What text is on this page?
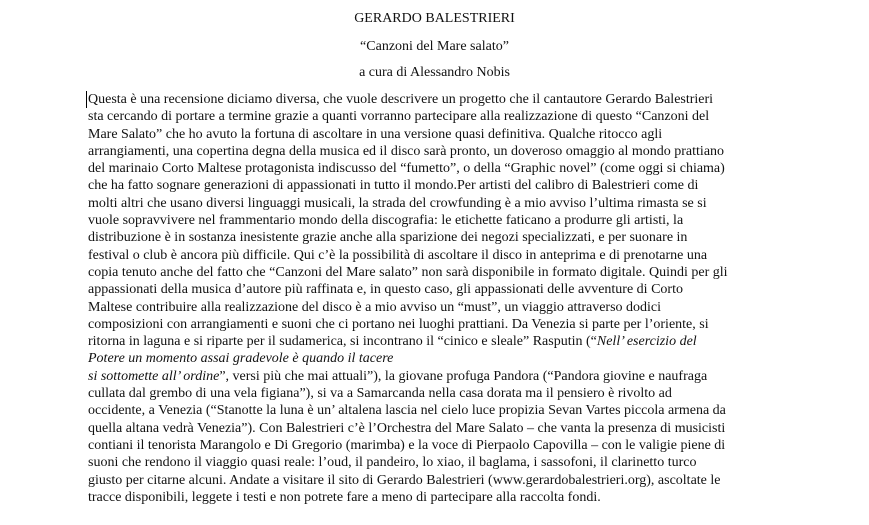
GERARDO BALESTRIERI
“Canzoni del Mare salato”
a cura di Alessandro Nobis
Questa è una recensione diciamo diversa, che vuole descrivere un progetto che il cantautore Gerardo Balestrieri
sta cercando di portare a termine grazie a quanti vorranno partecipare alla realizzazione di questo “Canzoni del
Mare Salato” che ho avuto la fortuna di ascoltare in una versione quasi definitiva. Qualche ritocco agli
arrangiamenti, una copertina degna della musica ed il disco sarà pronto, un doveroso omaggio al mondo prattiano
del marinaio Corto Maltese protagonista indiscusso del “fumetto”, o della “Graphic novel” (come oggi si chiama)
che ha fatto sognare generazioni di appassionati in tutto il mondo.Per artisti del calibro di Balestrieri come di
molti altri che usano diversi linguaggi musicali, la strada del crowfunding è a mio avviso l’ultima rimasta se si
vuole sopravvivere nel frammentario mondo della discografia: le etichette faticano a produrre gli artisti, la
distribuzione è in sostanza inesistente grazie anche alla sparizione dei negozi specializzati, e per suonare in
festival o club è ancora più difficile. Qui c’è la possibilità di ascoltare il disco in anteprima e di prenotarne una
copia tenuto anche del fatto che “Canzoni del Mare salato” non sarà disponibile in formato digitale. Quindi per gli
appassionati della musica d’autore più raffinata e, in questo caso, gli appassionati delle avventure di Corto
Maltese contribuire alla realizzazione del disco è a mio avviso un “must”, un viaggio attraverso dodici
composizioni con arrangiamenti e suoni che ci portano nei luoghi prattiani. Da Venezia si parte per l’oriente, si
ritorna in laguna e si riparte per il sudamerica, si incontrano il “cinico e sleale” Rasputin (“Nell’ esercizio del
Potere un momento assai gradevole è quando il tacere
si sottomette all’ ordine”, versi più che mai attuali”), la giovane profuga Pandora (“Pandora giovine e naufraga
cullata dal grembo di una vela figiana”), si va a Samarcanda nella casa dorata ma il pensiero è rivolto ad
occidente, a Venezia (“Stanotte la luna è un’ altalena lascia nel cielo luce propizia Sevan Vartes piccola armena da
quella altana vedrà Venezia”). Con Balestrieri c’è l’Orchestra del Mare Salato – che vanta la presenza di musicisti
contiani il tenorista Marangolo e Di Gregorio (marimba) e la voce di Pierpaolo Capovilla – con le valigie piene di
suoni che rendono il viaggio quasi reale: l’oud, il pandeiro, lo xiao, il baglama, i sassofoni, il clarinetto turco
giusto per citarne alcuni. Andate a visitare il sito di Gerardo Balestrieri (www.gerardobalestrieri.org), ascoltate le
tracce disponibili, leggete i testi e non potrete fare a meno di partecipare alla raccolta fondi.
